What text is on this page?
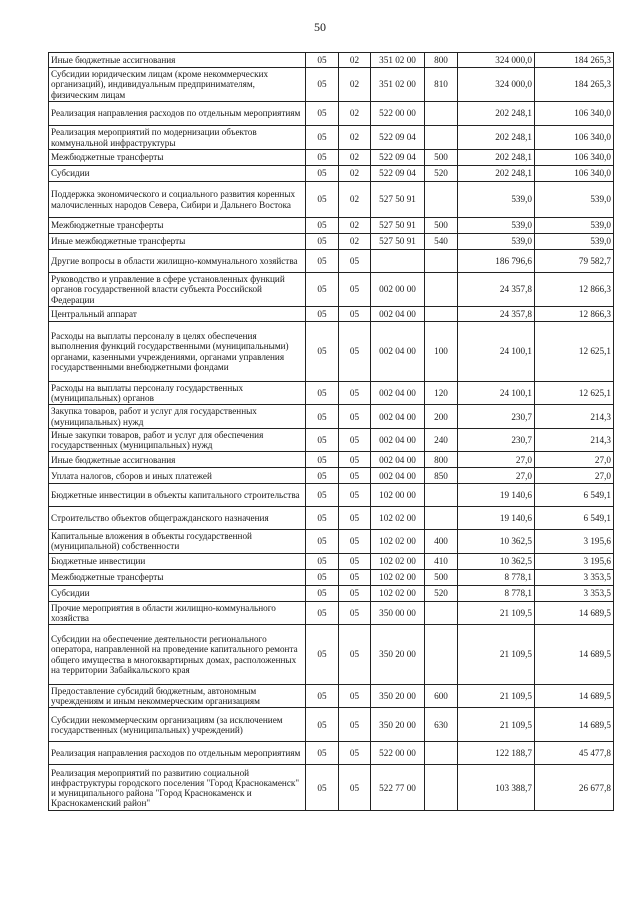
50
Иные бюджетные ассигнования	05	02	351 02 00	800	324 000,0	184 265,3
Субсидии юридическим лицам (кроме некоммерческих организаций), индивидуальным предпринимателям, физическим лицам	05	02	351 02 00	810	324 000,0	184 265,3
Реализация направления расходов по отдельным мероприятиям	05	02	522 00 00		202 248,1	106 340,0
Реализация мероприятий по модернизации объектов коммунальной инфраструктуры	05	02	522 09 04		202 248,1	106 340,0
Межбюджетные трансферты	05	02	522 09 04	500	202 248,1	106 340,0
Субсидии	05	02	522 09 04	520	202 248,1	106 340,0
Поддержка экономического и социального развития коренных малочисленных народов Севера, Сибири и Дальнего Востока	05	02	527 50 91		539,0	539,0
Межбюджетные трансферты	05	02	527 50 91	500	539,0	539,0
Иные межбюджетные трансферты	05	02	527 50 91	540	539,0	539,0
Другие вопросы в области жилищно-коммунального хозяйства	05	05			186 796,6	79 582,7
Руководство и управление в сфере установленных функций органов государственной власти субъекта Российской Федерации	05	05	002 00 00		24 357,8	12 866,3
Центральный аппарат	05	05	002 04 00		24 357,8	12 866,3
Расходы на выплаты персоналу в целях обеспечения выполнения функций государственными (муниципальными) органами, казенными учреждениями, органами управления государственными внебюджетными фондами	05	05	002 04 00	100	24 100,1	12 625,1
Расходы на выплаты персоналу государственных (муниципальных) органов	05	05	002 04 00	120	24 100,1	12 625,1
Закупка товаров, работ и услуг для государственных (муниципальных) нужд	05	05	002 04 00	200	230,7	214,3
Иные закупки товаров, работ и услуг для обеспечения государственных (муниципальных) нужд	05	05	002 04 00	240	230,7	214,3
Иные бюджетные ассигнования	05	05	002 04 00	800	27,0	27,0
Уплата налогов, сборов и иных платежей	05	05	002 04 00	850	27,0	27,0
Бюджетные инвестиции в объекты капитального строительства	05	05	102 00 00		19 140,6	6 549,1
Строительство объектов общегражданского назначения	05	05	102 02 00		19 140,6	6 549,1
Капитальные вложения в объекты государственной (муниципальной) собственности	05	05	102 02 00	400	10 362,5	3 195,6
Бюджетные инвестиции	05	05	102 02 00	410	10 362,5	3 195,6
Межбюджетные трансферты	05	05	102 02 00	500	8 778,1	3 353,5
Субсидии	05	05	102 02 00	520	8 778,1	3 353,5
Прочие мероприятия в области жилищно-коммунального хозяйства	05	05	350 00 00		21 109,5	14 689,5
Субсидии на обеспечение деятельности регионального оператора, направленной на проведение капитального ремонта общего имущества в многоквартирных домах, расположенных на территории Забайкальского края	05	05	350 20 00		21 109,5	14 689,5
Предоставление субсидий бюджетным, автономным учреждениям и иным некоммерческим организациям	05	05	350 20 00	600	21 109,5	14 689,5
Субсидии некоммерческим организациям (за исключением государственных (муниципальных) учреждений)	05	05	350 20 00	630	21 109,5	14 689,5
Реализация направления расходов по отдельным мероприятиям	05	05	522 00 00		122 188,7	45 477,8
Реализация мероприятий по развитию социальной инфраструктуры городского поселения "Город Краснокаменск" и муниципального района "Город Краснокаменск и Краснокаменский район"	05	05	522 77 00		103 388,7	26 677,8
